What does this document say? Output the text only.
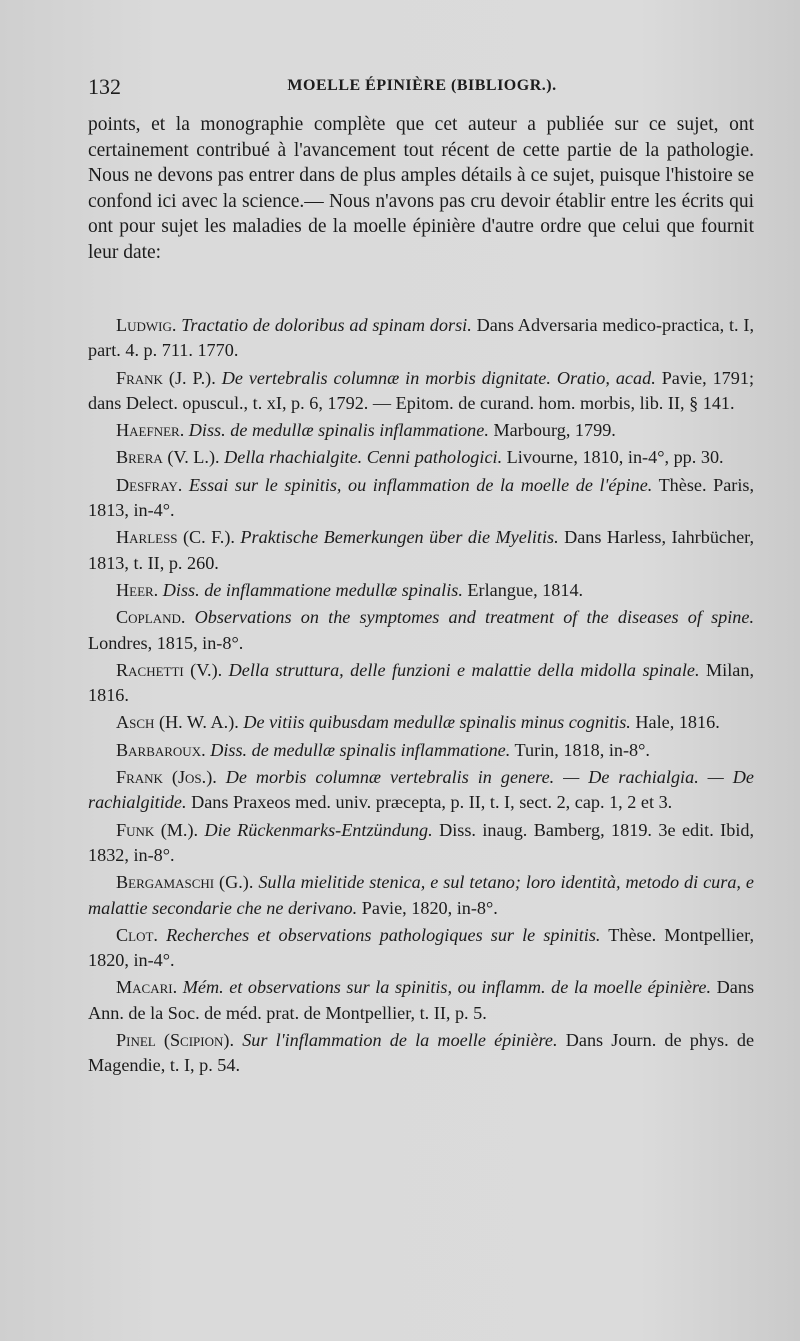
132	MOELLE ÉPINIÈRE (BIBLIOGR.).

points, et la monographie complète que cet auteur a publiée sur ce sujet, ont certainement contribué à l'avancement tout récent de cette partie de la pathologie. Nous ne devons pas entrer dans de plus amples détails à ce sujet, puisque l'histoire se confond ici avec la science.— Nous n'avons pas cru devoir établir entre les écrits qui ont pour sujet les maladies de la moelle épinière d'autre ordre que celui que fournit leur date:

Ludwig. Tractatio de doloribus ad spinam dorsi. Dans Adversaria medico-practica, t. I, part. 4. p. 711. 1770.

Frank (J. P.). De vertebralis columnæ in morbis dignitate. Oratio, acad. Pavie, 1791; dans Delect. opuscul., t. xI, p. 6, 1792. — Epitom. de curand. hom. morbis, lib. II, § 141.

Haefner. Diss. de medullæ spinalis inflammatione. Marbourg, 1799.

Brera (V. L.). Della rhachialgite. Cenni pathologici. Livourne, 1810, in-4°, pp. 30.

Desfray. Essai sur le spinitis, ou inflammation de la moelle de l'épine. Thèse. Paris, 1813, in-4°.

Harless (C. F.). Praktische Bemerkungen über die Myelitis. Dans Harless, Iahrbücher, 1813, t. II, p. 260.

Heer. Diss. de inflammatione medullæ spinalis. Erlangue, 1814.

Copland. Observations on the symptomes and treatment of the diseases of spine. Londres, 1815, in-8°.

Rachetti (V.). Della struttura, delle funzioni e malattie della midolla spinale. Milan, 1816.

Asch (H. W. A.). De vitiis quibusdam medullæ spinalis minus cognitis. Hale, 1816.

Barbaroux. Diss. de medullæ spinalis inflammatione. Turin, 1818, in-8°.

Frank (Jos.). De morbis columnæ vertebralis in genere. — De rachialgia. — De rachialgitide. Dans Praxeos med. univ. præcepta, p. II, t. I, sect. 2, cap. 1, 2 et 3.

Funk (M.). Die Rückenmarks-Entzündung. Diss. inaug. Bamberg, 1819. 3e edit. Ibid, 1832, in-8°.

Bergamaschi (G.). Sulla mielitide stenica, e sul tetano; loro identità, metodo di cura, e malattie secondarie che ne derivano. Pavie, 1820, in-8°.

Clot. Recherches et observations pathologiques sur le spinitis. Thèse. Montpellier, 1820, in-4°.

Macari. Mém. et observations sur la spinitis, ou inflamm. de la moelle épinière. Dans Ann. de la Soc. de méd. prat. de Montpellier, t. II, p. 5.

Pinel (Scipion). Sur l'inflammation de la moelle épinière. Dans Journ. de phys. de Magendie, t. I, p. 54.
